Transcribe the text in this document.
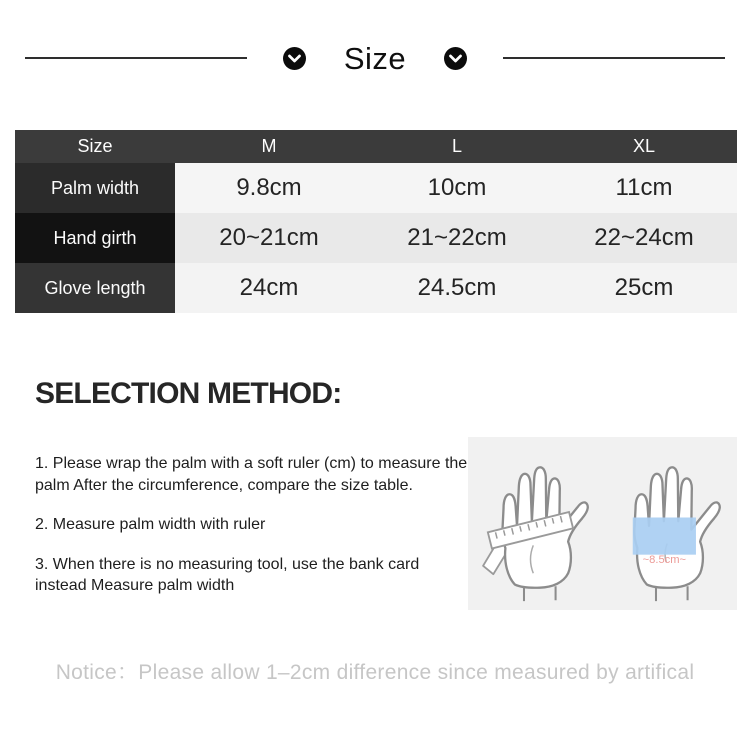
Size
Size	M	L	XL
Palm width	9.8cm	10cm	11cm
Hand girth	20~21cm	21~22cm	22~24cm
Glove length	24cm	24.5cm	25cm
SELECTION METHOD:

1. Please wrap the palm with a soft ruler (cm) to measure the palm After the circumference, compare the size table.

2. Measure palm width with ruler

3. When there is no measuring tool, use the bank card instead Measure palm width

~8.5cm~
Notice：Please allow 1–2cm difference since measured by artifical
